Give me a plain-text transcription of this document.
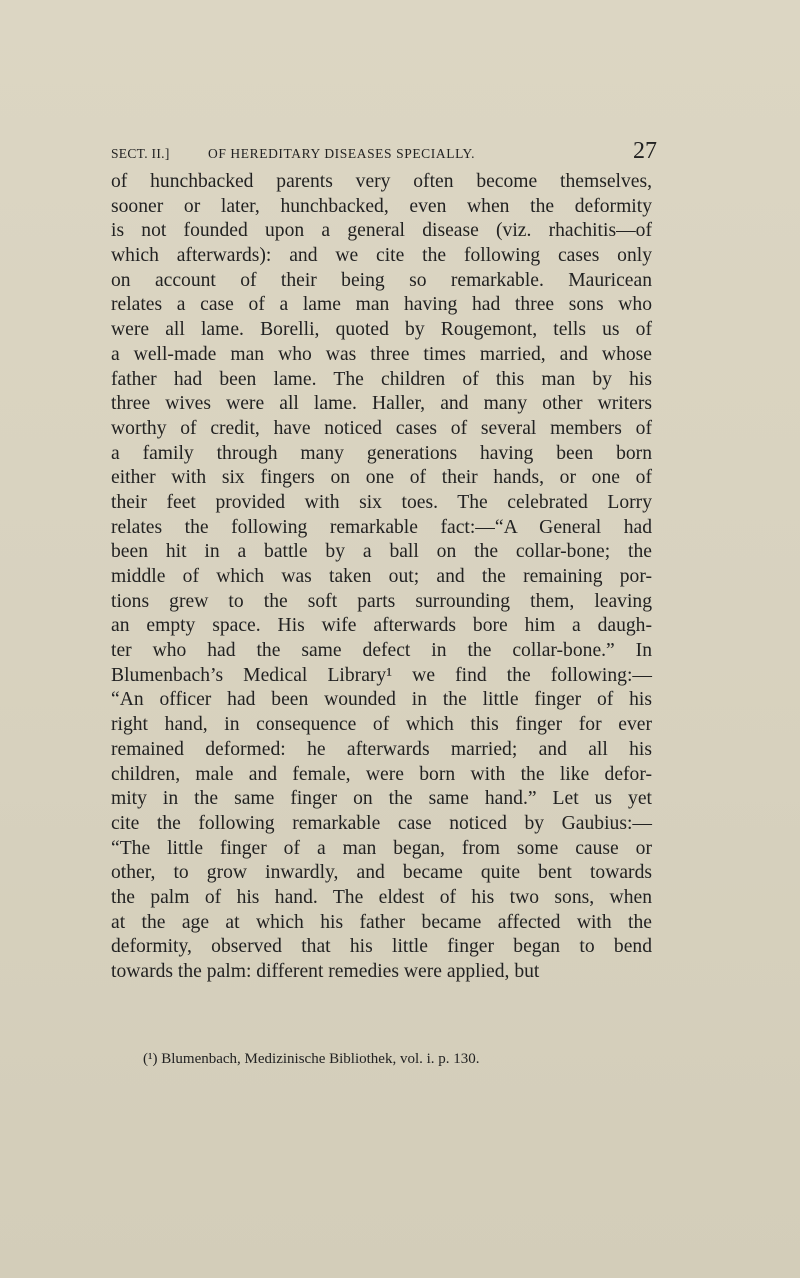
SECT. II.]	OF HEREDITARY DISEASES SPECIALLY.	27
of hunchbacked parents very often become themselves,
sooner or later, hunchbacked, even when the deformity
is not founded upon a general disease (viz. rhachitis—of
which afterwards): and we cite the following cases only
on account of their being so remarkable. Mauricean
relates a case of a lame man having had three sons who
were all lame. Borelli, quoted by Rougemont, tells us of
a well-made man who was three times married, and whose
father had been lame. The children of this man by his
three wives were all lame. Haller, and many other writers
worthy of credit, have noticed cases of several members of
a family through many generations having been born
either with six fingers on one of their hands, or one of
their feet provided with six toes. The celebrated Lorry
relates the following remarkable fact:—“A General had
been hit in a battle by a ball on the collar-bone; the
middle of which was taken out; and the remaining por-
tions grew to the soft parts surrounding them, leaving
an empty space. His wife afterwards bore him a daugh-
ter who had the same defect in the collar-bone.” In
Blumenbach’s Medical Library¹ we find the following:—
“An officer had been wounded in the little finger of his
right hand, in consequence of which this finger for ever
remained deformed: he afterwards married; and all his
children, male and female, were born with the like defor-
mity in the same finger on the same hand.” Let us yet
cite the following remarkable case noticed by Gaubius:—
“The little finger of a man began, from some cause or
other, to grow inwardly, and became quite bent towards
the palm of his hand. The eldest of his two sons, when
at the age at which his father became affected with the
deformity, observed that his little finger began to bend
towards the palm: different remedies were applied, but
(¹) Blumenbach, Medizinische Bibliothek, vol. i. p. 130.
